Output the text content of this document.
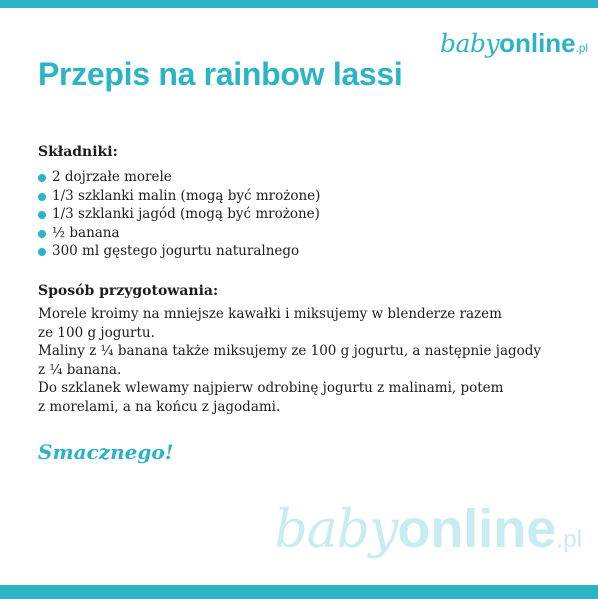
babyonline.pl
Przepis na rainbow lassi
Składniki:
2 dojrzałe morele
1/3 szklanki malin (mogą być mrożone)
1/3 szklanki jagód (mogą być mrożone)
½ banana
300 ml gęstego jogurtu naturalnego
Sposób przygotowania:

Morele kroimy na mniejsze kawałki i miksujemy w blenderze razem

ze 100 g jogurtu.

Maliny z ¼ banana także miksujemy ze 100 g jogurtu, a następnie jagody

z ¼ banana.

Do szklanek wlewamy najpierw odrobinę jogurtu z malinami, potem

z morelami, a na końcu z jagodami.

Smacznego!

babyonline.pl
